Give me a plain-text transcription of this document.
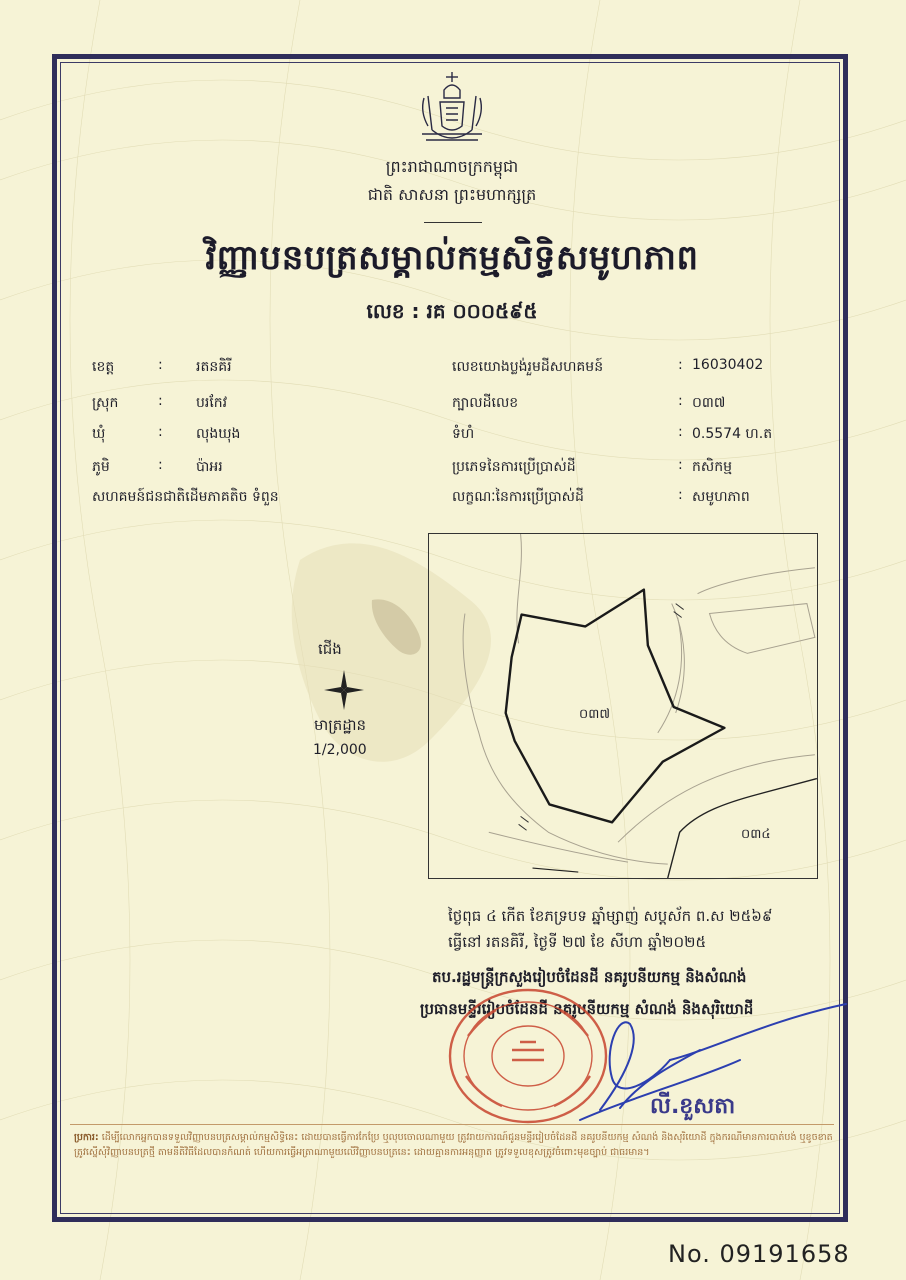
ព្រះរាជាណាចក្រកម្ពុជា
ជាតិ សាសនា ព្រះមហាក្សត្រ
វិញ្ញាបនបត្រសម្គាល់កម្មសិទ្ធិសមូហភាព
លេខ : រគ ០០០៥៩៥
ខេត្ត	: រតនគិរី
ស្រុក	: បរកែវ
ឃុំ	: លុងឃុង
ភូមិ	: ប៉ាអរ
សហគមន៍ជនជាតិដើមភាគតិច ទំពួន
លេខយោងប្លង់រួមដីសហគមន៍	: 16030402
ក្បាលដីលេខ	: ០៣៧
ទំហំ	: 0.5574 ហ.ត
ប្រភេទនៃការប្រើប្រាស់ដី	: កសិកម្ម
លក្ខណៈនៃការប្រើប្រាស់ដី	: សមូហភាព
ជើង
មាត្រដ្ឋាន
1/2,000
០៣៧
០៣៤
ថ្ងៃពុធ ៤ កើត ខែភទ្របទ ឆ្នាំម្សាញ់ សប្តស័ក ព.ស ២៥៦៩
ធ្វើនៅ រតនគិរី, ថ្ងៃទី ២៧ ខែ សីហា ឆ្នាំ២០២៥
តប.រដ្ឋមន្ត្រីក្រសួងរៀបចំដែនដី នគរូបនីយកម្ម និងសំណង់
ប្រធានមន្ទីររៀបចំដែនដី នគរូបនីយកម្ម សំណង់ និងសុរិយោដី
លី.ខួសតា
ប្រការ: ដើម្បីលោកអ្នកបានទទួលវិញ្ញាបនបត្រសម្គាល់កម្មសិទ្ធិនេះ ដោយបានធ្វើការកែប្រែ ឬលុបចោលណាមួយ ត្រូវរាយការណ៍ជូនមន្ទីររៀបចំដែនដី នគរូបនីយកម្ម សំណង់ និងសុរិយោដី ក្នុងករណីមានការបាត់បង់ ឬខូចខាត ត្រូវស្នើសុំវិញ្ញាបនបត្រថ្មី តាមនីតិវិធីដែលបានកំណត់ ហើយការធ្វើអត្រាណាមួយលើវិញ្ញាបនបត្រនេះ ដោយគ្មានការអនុញ្ញាត ត្រូវទទួលខុសត្រូវចំពោះមុខច្បាប់ ជាធរមាន។
No. 09191658
